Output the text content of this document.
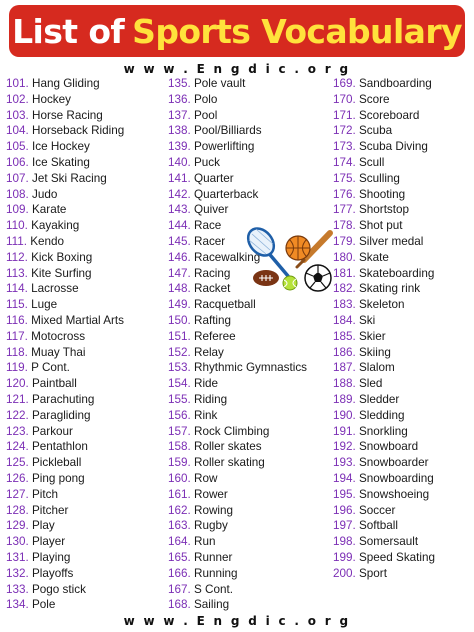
List of Sports Vocabulary
w w w . E n g d i c . o r g
101. Hang Gliding
102. Hockey
103. Horse Racing
104. Horseback Riding
105. Ice Hockey
106. Ice Skating
107. Jet Ski Racing
108. Judo
109. Karate
110. Kayaking
111. Kendo
112. Kick Boxing
113. Kite Surfing
114. Lacrosse
115. Luge
116. Mixed Martial Arts
117. Motocross
118. Muay Thai
119. P Cont.
120. Paintball
121. Parachuting
122. Paragliding
123. Parkour
124. Pentathlon
125. Pickleball
126. Ping pong
127. Pitch
128. Pitcher
129. Play
130. Player
131. Playing
132. Playoffs
133. Pogo stick
134. Pole
135. Pole vault
136. Polo
137. Pool
138. Pool/Billiards
139. Powerlifting
140. Puck
141. Quarter
142. Quarterback
143. Quiver
144. Race
145. Racer
146. Racewalking
147. Racing
148. Racket
149. Racquetball
150. Rafting
151. Referee
152. Relay
153. Rhythmic Gymnastics
154. Ride
155. Riding
156. Rink
157. Rock Climbing
158. Roller skates
159. Roller skating
160. Row
161. Rower
162. Rowing
163. Rugby
164. Run
165. Runner
166. Running
167. S Cont.
168. Sailing
169. Sandboarding
170. Score
171. Scoreboard
172. Scuba
173. Scuba Diving
174. Scull
175. Sculling
176. Shooting
177. Shortstop
178. Shot put
179. Silver medal
180. Skate
181. Skateboarding
182. Skating rink
183. Skeleton
184. Ski
185. Skier
186. Skiing
187. Slalom
188. Sled
189. Sledder
190. Sledding
191. Snorkling
192. Snowboard
193. Snowboarder
194. Snowboarding
195. Snowshoeing
196. Soccer
197. Softball
198. Somersault
199. Speed Skating
200. Sport
w w w . E n g d i c . o r g
